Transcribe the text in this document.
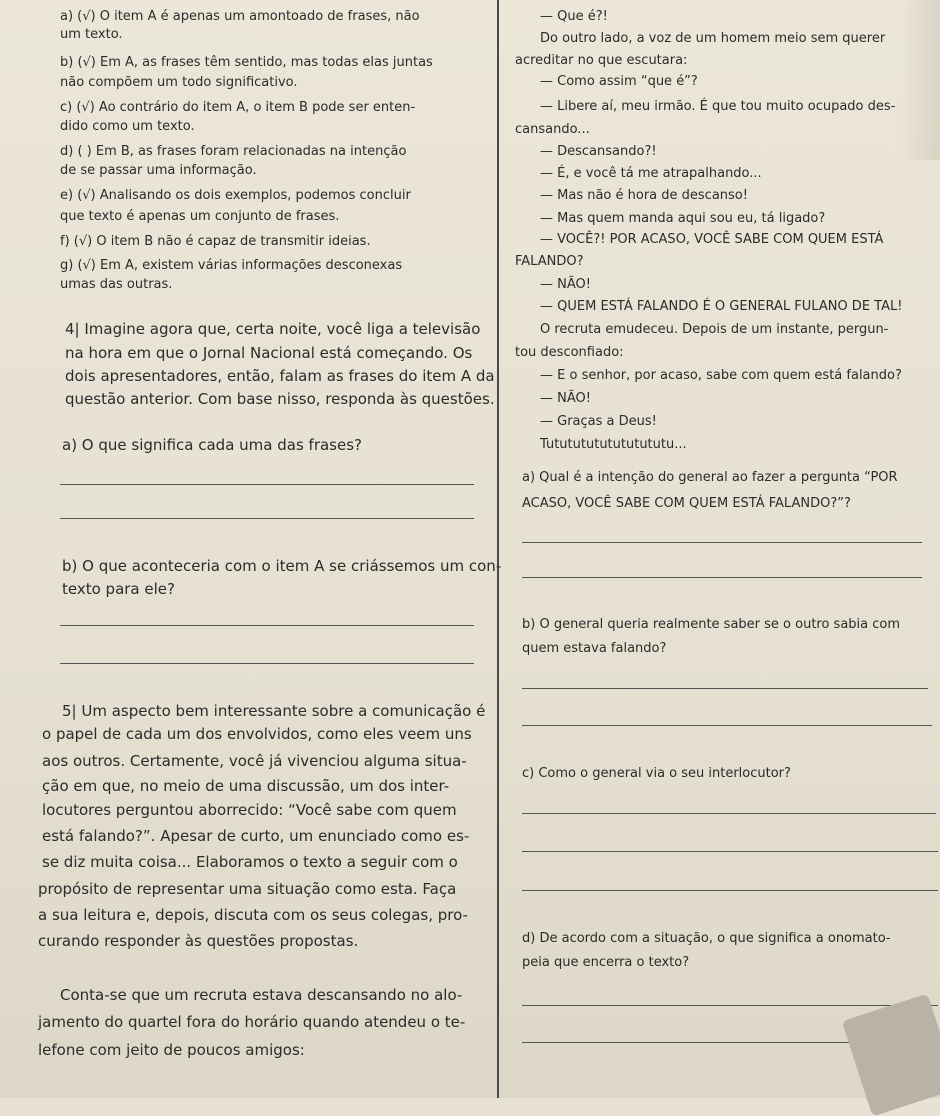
a) (√) O item A é apenas um amontoado de frases, não
um texto.
b) (√) Em A, as frases têm sentido, mas todas elas juntas
não compõem um todo significativo.
c) (√) Ao contrário do item A, o item B pode ser enten-
dido como um texto.
d) ( ) Em B, as frases foram relacionadas na intenção
de se passar uma informação.
e) (√) Analisando os dois exemplos, podemos concluir
que texto é apenas um conjunto de frases.
f) (√) O item B não é capaz de transmitir ideias.
g) (√) Em A, existem várias informações desconexas
umas das outras.
4| Imagine agora que, certa noite, você liga a televisão
na hora em que o Jornal Nacional está começando. Os
dois apresentadores, então, falam as frases do item A da
questão anterior. Com base nisso, responda às questões.
a) O que significa cada uma das frases?
b) O que aconteceria com o item A se criássemos um con-
texto para ele?
5| Um aspecto bem interessante sobre a comunicação é
o papel de cada um dos envolvidos, como eles veem uns
aos outros. Certamente, você já vivenciou alguma situa-
ção em que, no meio de uma discussão, um dos inter-
locutores perguntou aborrecido: “Você sabe com quem
está falando?”. Apesar de curto, um enunciado como es-
se diz muita coisa... Elaboramos o texto a seguir com o
propósito de representar uma situação como esta. Faça
a sua leitura e, depois, discuta com os seus colegas, pro-
curando responder às questões propostas.
Conta-se que um recruta estava descansando no alo-
jamento do quartel fora do horário quando atendeu o te-
lefone com jeito de poucos amigos:
— Que é?!
Do outro lado, a voz de um homem meio sem querer
acreditar no que escutara:
— Como assim “que é”?
— Libere aí, meu irmão. É que tou muito ocupado des-
cansando...
— Descansando?!
— É, e você tá me atrapalhando...
— Mas não é hora de descanso!
— Mas quem manda aqui sou eu, tá ligado?
— VOCÊ?! POR ACASO, VOCÊ SABE COM QUEM ESTÁ
FALANDO?
— NÃO!
— QUEM ESTÁ FALANDO É O GENERAL FULANO DE TAL!
O recruta emudeceu. Depois de um instante, pergun-
tou desconfiado:
— E o senhor, por acaso, sabe com quem está falando?
— NÃO!
— Graças a Deus!
Tutututututututututu...
a) Qual é a intenção do general ao fazer a pergunta “POR
ACASO, VOCÊ SABE COM QUEM ESTÁ FALANDO?”?
b) O general queria realmente saber se o outro sabia com
quem estava falando?
c) Como o general via o seu interlocutor?
d) De acordo com a situação, o que significa a onomato-
peia que encerra o texto?
